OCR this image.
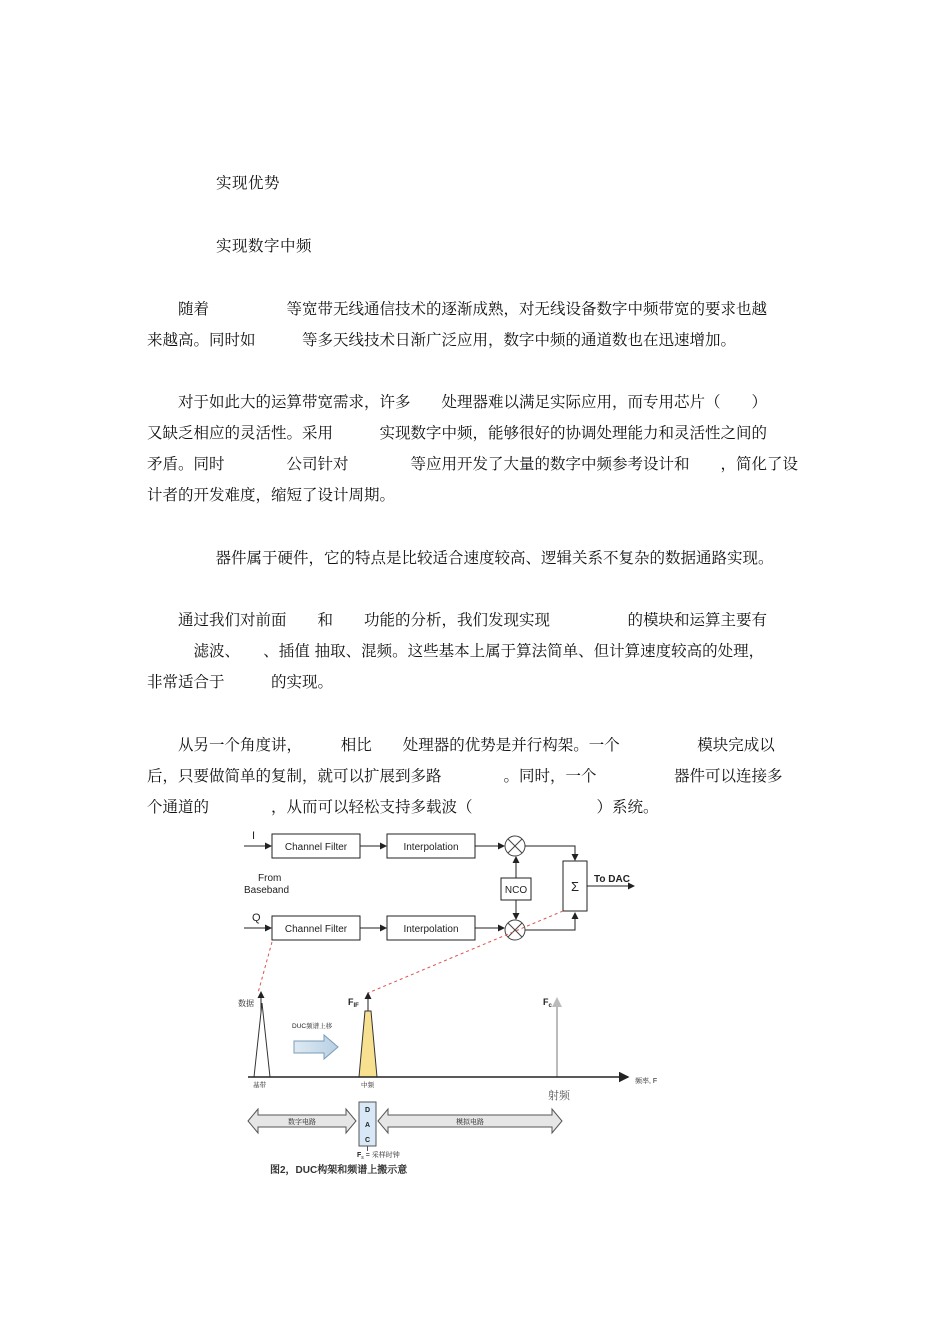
实现优势
实现数字中频
随着　　　　　等宽带无线通信技术的逐渐成熟，对无线设备数字中频带宽的要求也越
来越高。同时如　　　等多天线技术日渐广泛应用，数字中频的通道数也在迅速增加。
对于如此大的运算带宽需求，许多　　处理器难以满足实际应用，而专用芯片（　　）
又缺乏相应的灵活性。采用　　　实现数字中频，能够很好的协调处理能力和灵活性之间的
矛盾。同时　　　　公司针对　　　　等应用开发了大量的数字中频参考设计和　　，简化了设
计者的开发难度，缩短了设计周期。
　　　器件属于硬件，它的特点是比较适合速度较高、逻辑关系不复杂的数据通路实现。
通过我们对前面　　和　　功能的分析，我们发现实现　　　　　的模块和运算主要有
　　　滤波、　　、插值 抽取、混频。这些基本上属于算法简单、但计算速度较高的处理，
非常适合于　　　的实现。
从另一个角度讲，　　　相比　　处理器的优势是并行构架。一个　　　　　模块完成以
后，只要做简单的复制，就可以扩展到多路　　　　。同时，一个　　　　　器件可以连接多
个通道的　　　　，从而可以轻松支持多载波（　　　　　　　　）系统。
I
Channel Filter	Interpolation
From
Baseband	NCO	Σ To DAC
Q
Channel Filter	Interpolation
数据
DUC频谱上移
$F_{IF}$	$F_c$
频率, F
基带	中频
射频
数字电路
D
A
C
模拟电路
$F_s$ = 采样时钟
图2，DUC构架和频谱上搬示意
